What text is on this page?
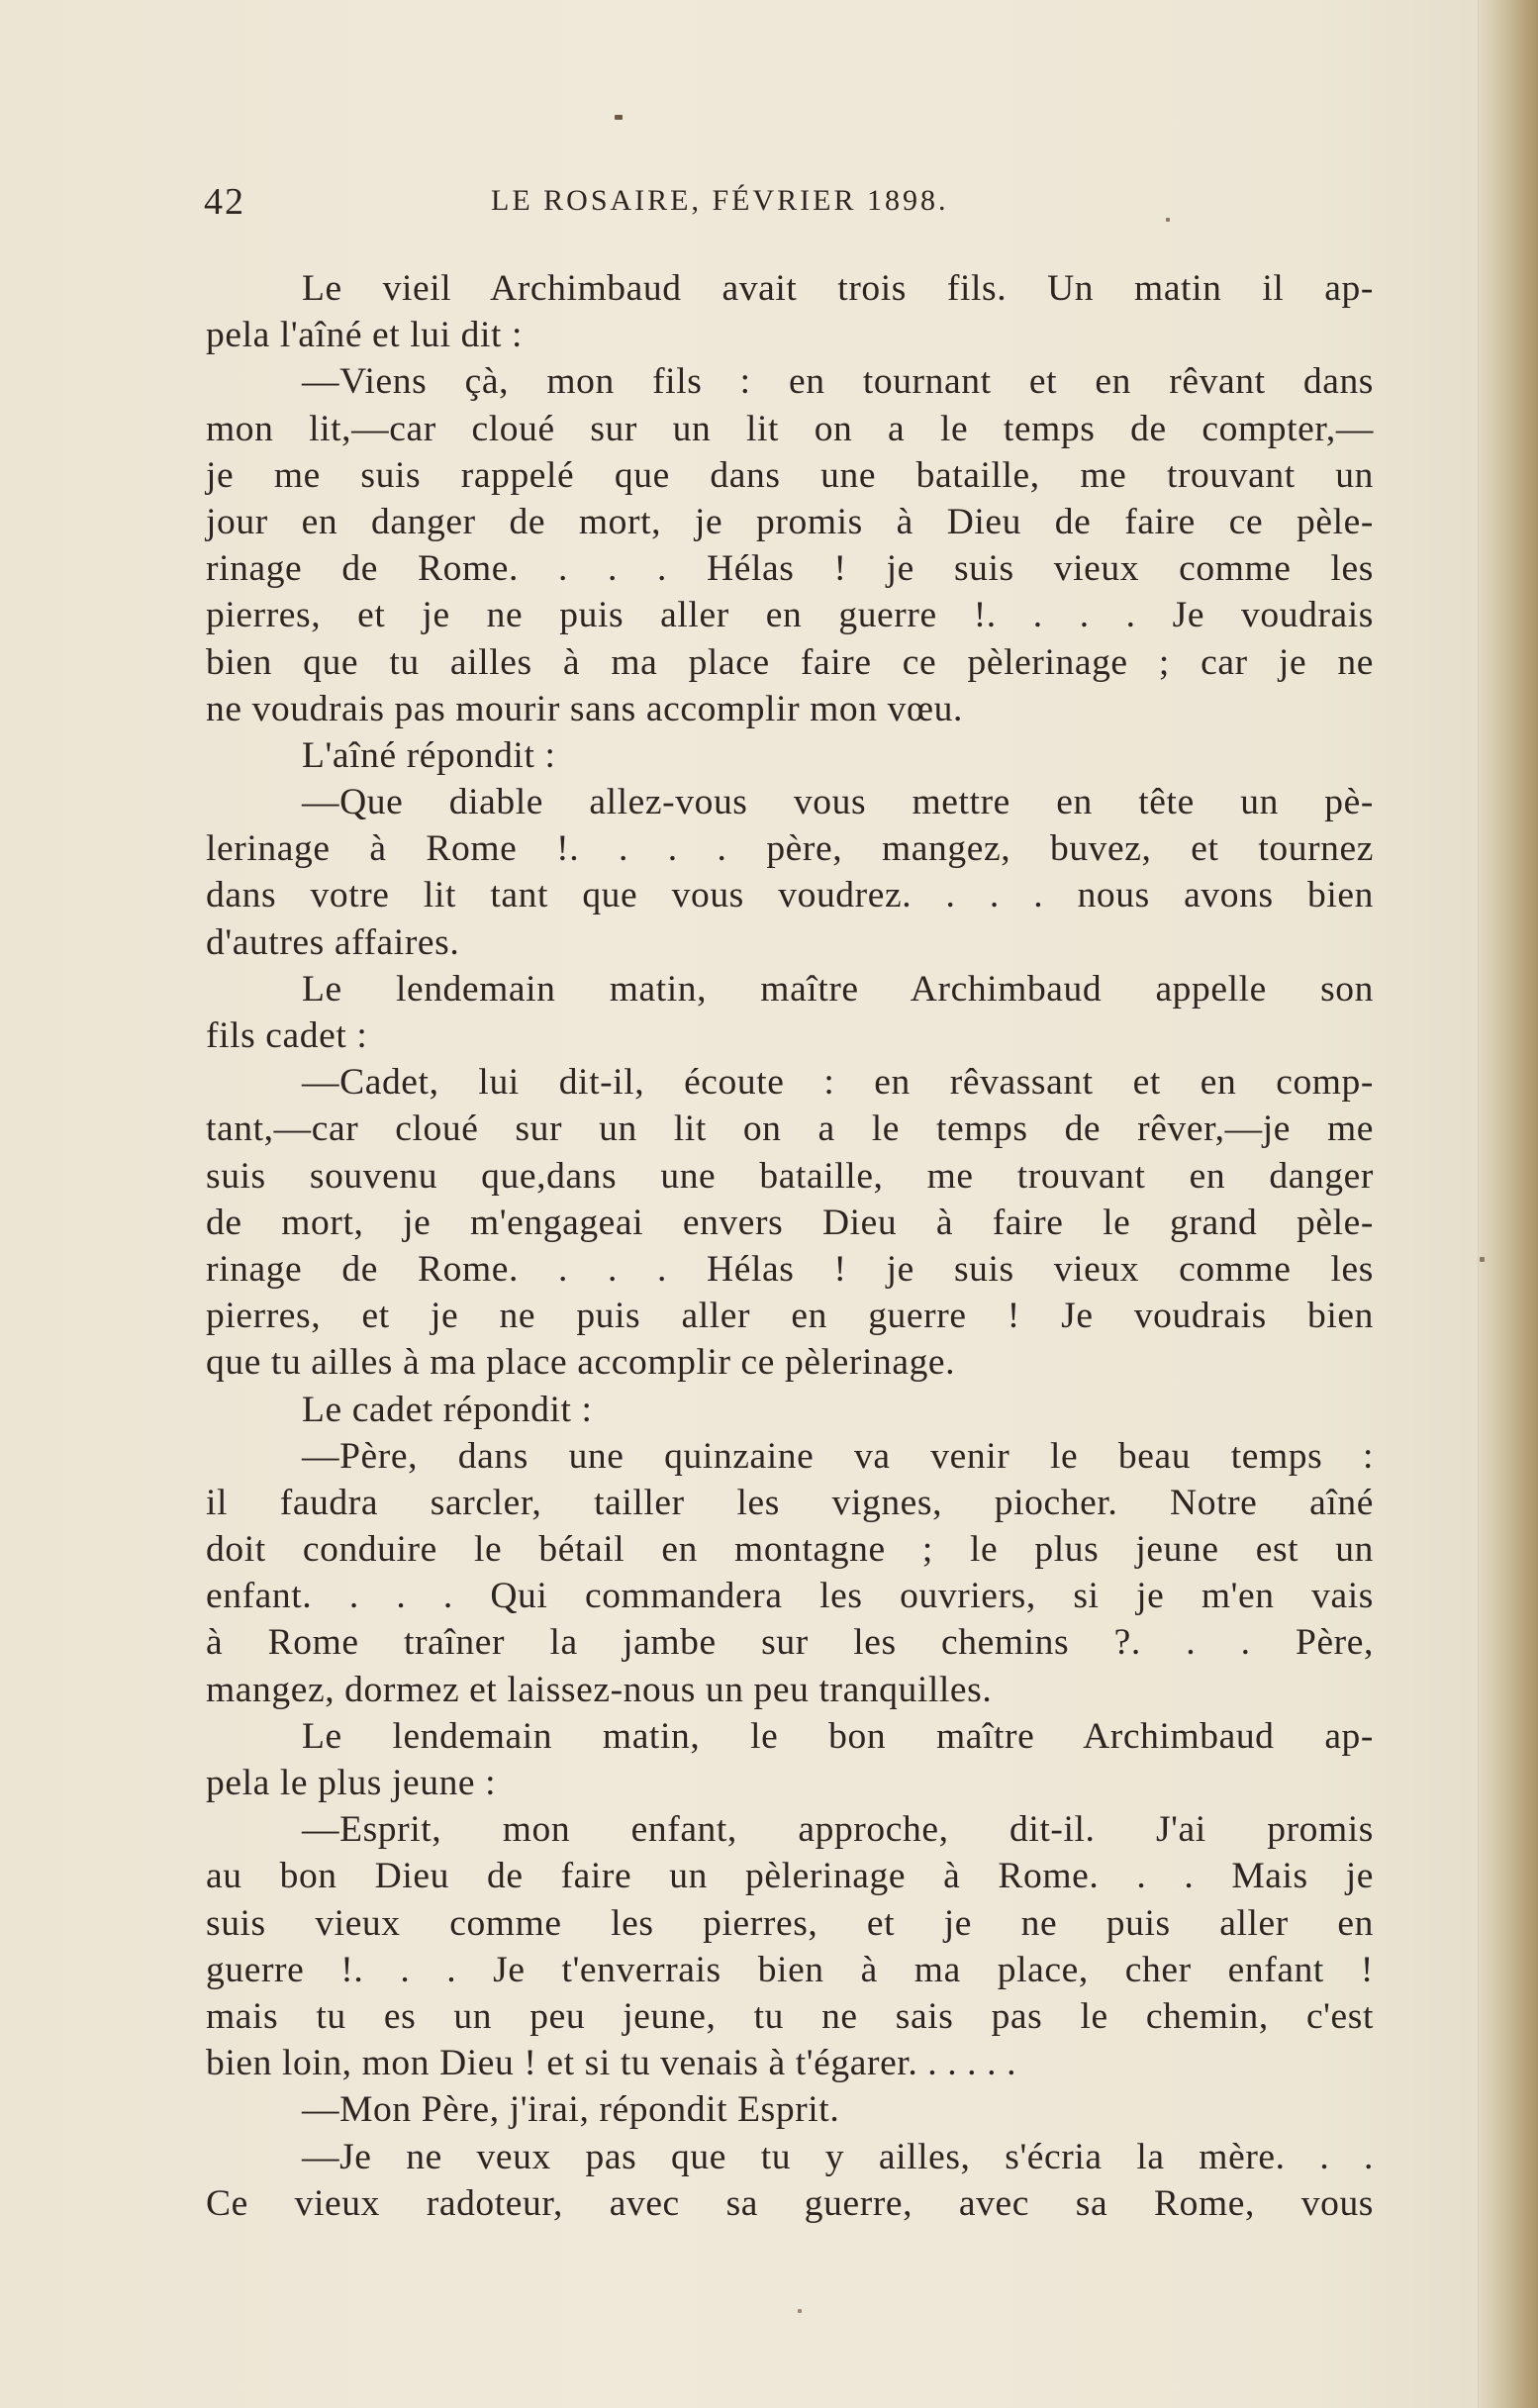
42	LE ROSAIRE, FÉVRIER 1898.
Le vieil Archimbaud avait trois fils. Un matin il ap-
pela l'aîné et lui dit :
—Viens çà, mon fils : en tournant et en rêvant dans
mon lit,—car cloué sur un lit on a le temps de compter,—
je me suis rappelé que dans une bataille, me trouvant un
jour en danger de mort, je promis à Dieu de faire ce pèle-
rinage de Rome. . . . Hélas ! je suis vieux comme les
pierres, et je ne puis aller en guerre !. . . . Je voudrais
bien que tu ailles à ma place faire ce pèlerinage ; car je ne
ne voudrais pas mourir sans accomplir mon vœu.
L'aîné répondit :
—Que diable allez-vous vous mettre en tête un pè-
lerinage à Rome !. . . . père, mangez, buvez, et tournez
dans votre lit tant que vous voudrez. . . . nous avons bien
d'autres affaires.
Le lendemain matin, maître Archimbaud appelle son
fils cadet :
—Cadet, lui dit-il, écoute : en rêvassant et en comp-
tant,—car cloué sur un lit on a le temps de rêver,—je me
suis souvenu que,dans une bataille, me trouvant en danger
de mort, je m'engageai envers Dieu à faire le grand pèle-
rinage de Rome. . . . Hélas ! je suis vieux comme les
pierres, et je ne puis aller en guerre ! Je voudrais bien
que tu ailles à ma place accomplir ce pèlerinage.
Le cadet répondit :
—Père, dans une quinzaine va venir le beau temps :
il faudra sarcler, tailler les vignes, piocher. Notre aîné
doit conduire le bétail en montagne ; le plus jeune est un
enfant. . . . Qui commandera les ouvriers, si je m'en vais
à Rome traîner la jambe sur les chemins ?. . . Père,
mangez, dormez et laissez-nous un peu tranquilles.
Le lendemain matin, le bon maître Archimbaud ap-
pela le plus jeune :
—Esprit, mon enfant, approche, dit-il. J'ai promis
au bon Dieu de faire un pèlerinage à Rome. . . Mais je
suis vieux comme les pierres, et je ne puis aller en
guerre !. . . Je t'enverrais bien à ma place, cher enfant !
mais tu es un peu jeune, tu ne sais pas le chemin, c'est
bien loin, mon Dieu ! et si tu venais à t'égarer. . . . . .
—Mon Père, j'irai, répondit Esprit.
—Je ne veux pas que tu y ailles, s'écria la mère. . .
Ce vieux radoteur, avec sa guerre, avec sa Rome, vous
